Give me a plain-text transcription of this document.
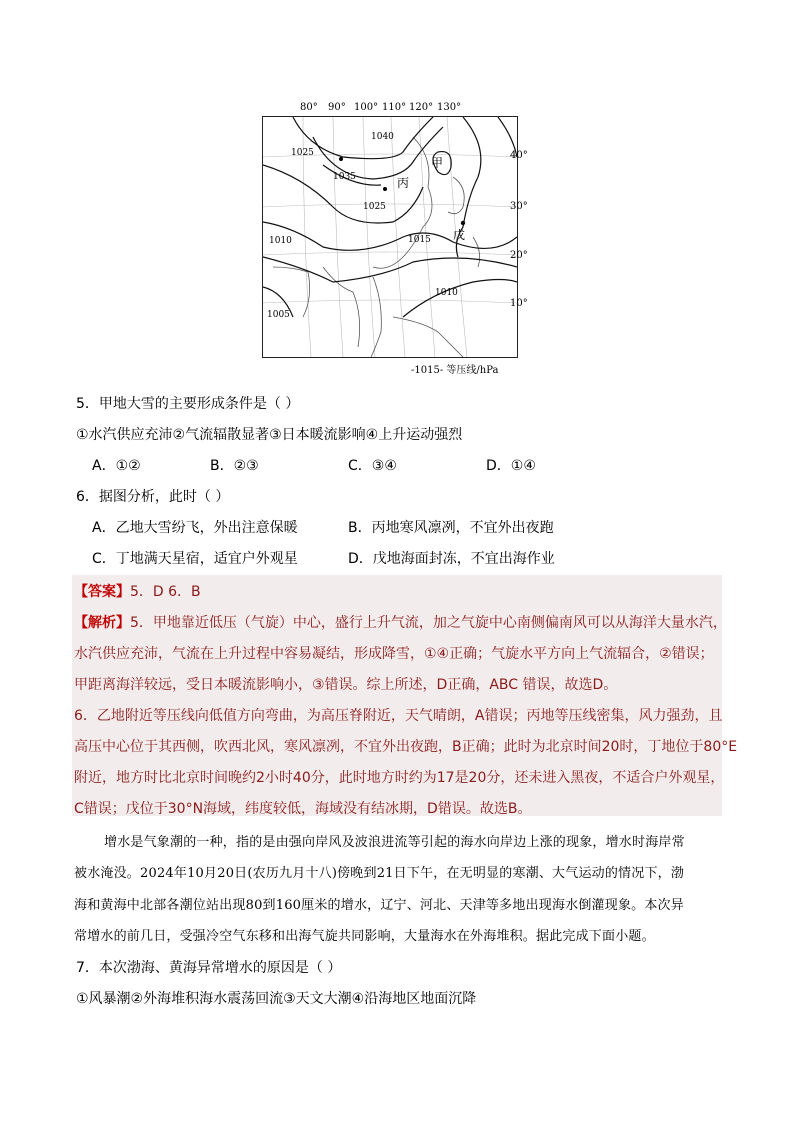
80° 90° 100° 110° 120° 130°
1040
1025
1035
1025
1015
1010
1005
1010
甲
丙
戊
40°
30°
20°
10°
-1015- 等压线/hPa
5．甲地大雪的主要形成条件是（ ）
①水汽供应充沛②气流辐散显著③日本暖流影响④上升运动强烈
A．①②	B．②③	C．③④	D．①④
6．据图分析，此时（ ）
A．乙地大雪纷飞，外出注意保暖	B．丙地寒风凛冽，不宜外出夜跑
C．丁地满天星宿，适宜户外观星	D．戊地海面封冻，不宜出海作业
【答案】5．D 6．B
【解析】5．甲地靠近低压（气旋）中心，盛行上升气流，加之气旋中心南侧偏南风可以从海洋大量水汽，
水汽供应充沛，气流在上升过程中容易凝结，形成降雪，①④正确；气旋水平方向上气流辐合，②错误；
甲距离海洋较远，受日本暖流影响小，③错误。综上所述，D正确，ABC 错误，故选D。
6．乙地附近等压线向低值方向弯曲，为高压脊附近，天气晴朗，A错误；丙地等压线密集，风力强劲，且
高压中心位于其西侧，吹西北风，寒风凛冽，不宜外出夜跑，B正确；此时为北京时间20时，丁地位于80°E
附近，地方时比北京时间晚约2小时40分，此时地方时约为17是20分，还未进入黑夜，不适合户外观星，
C错误；戊位于30°N海域，纬度较低，海域没有结冰期，D错误。故选B。
增水是气象潮的一种，指的是由强向岸风及波浪进流等引起的海水向岸边上涨的现象，增水时海岸常
被水淹没。2024年10月20日(农历九月十八)傍晚到21日下午，在无明显的寒潮、大气运动的情况下，渤
海和黄海中北部各潮位站出现80到160厘米的增水，辽宁、河北、天津等多地出现海水倒灌现象。本次异
常增水的前几日，受强冷空气东移和出海气旋共同影响，大量海水在外海堆积。据此完成下面小题。
7．本次渤海、黄海异常增水的原因是（ ）
①风暴潮②外海堆积海水震荡回流③天文大潮④沿海地区地面沉降
